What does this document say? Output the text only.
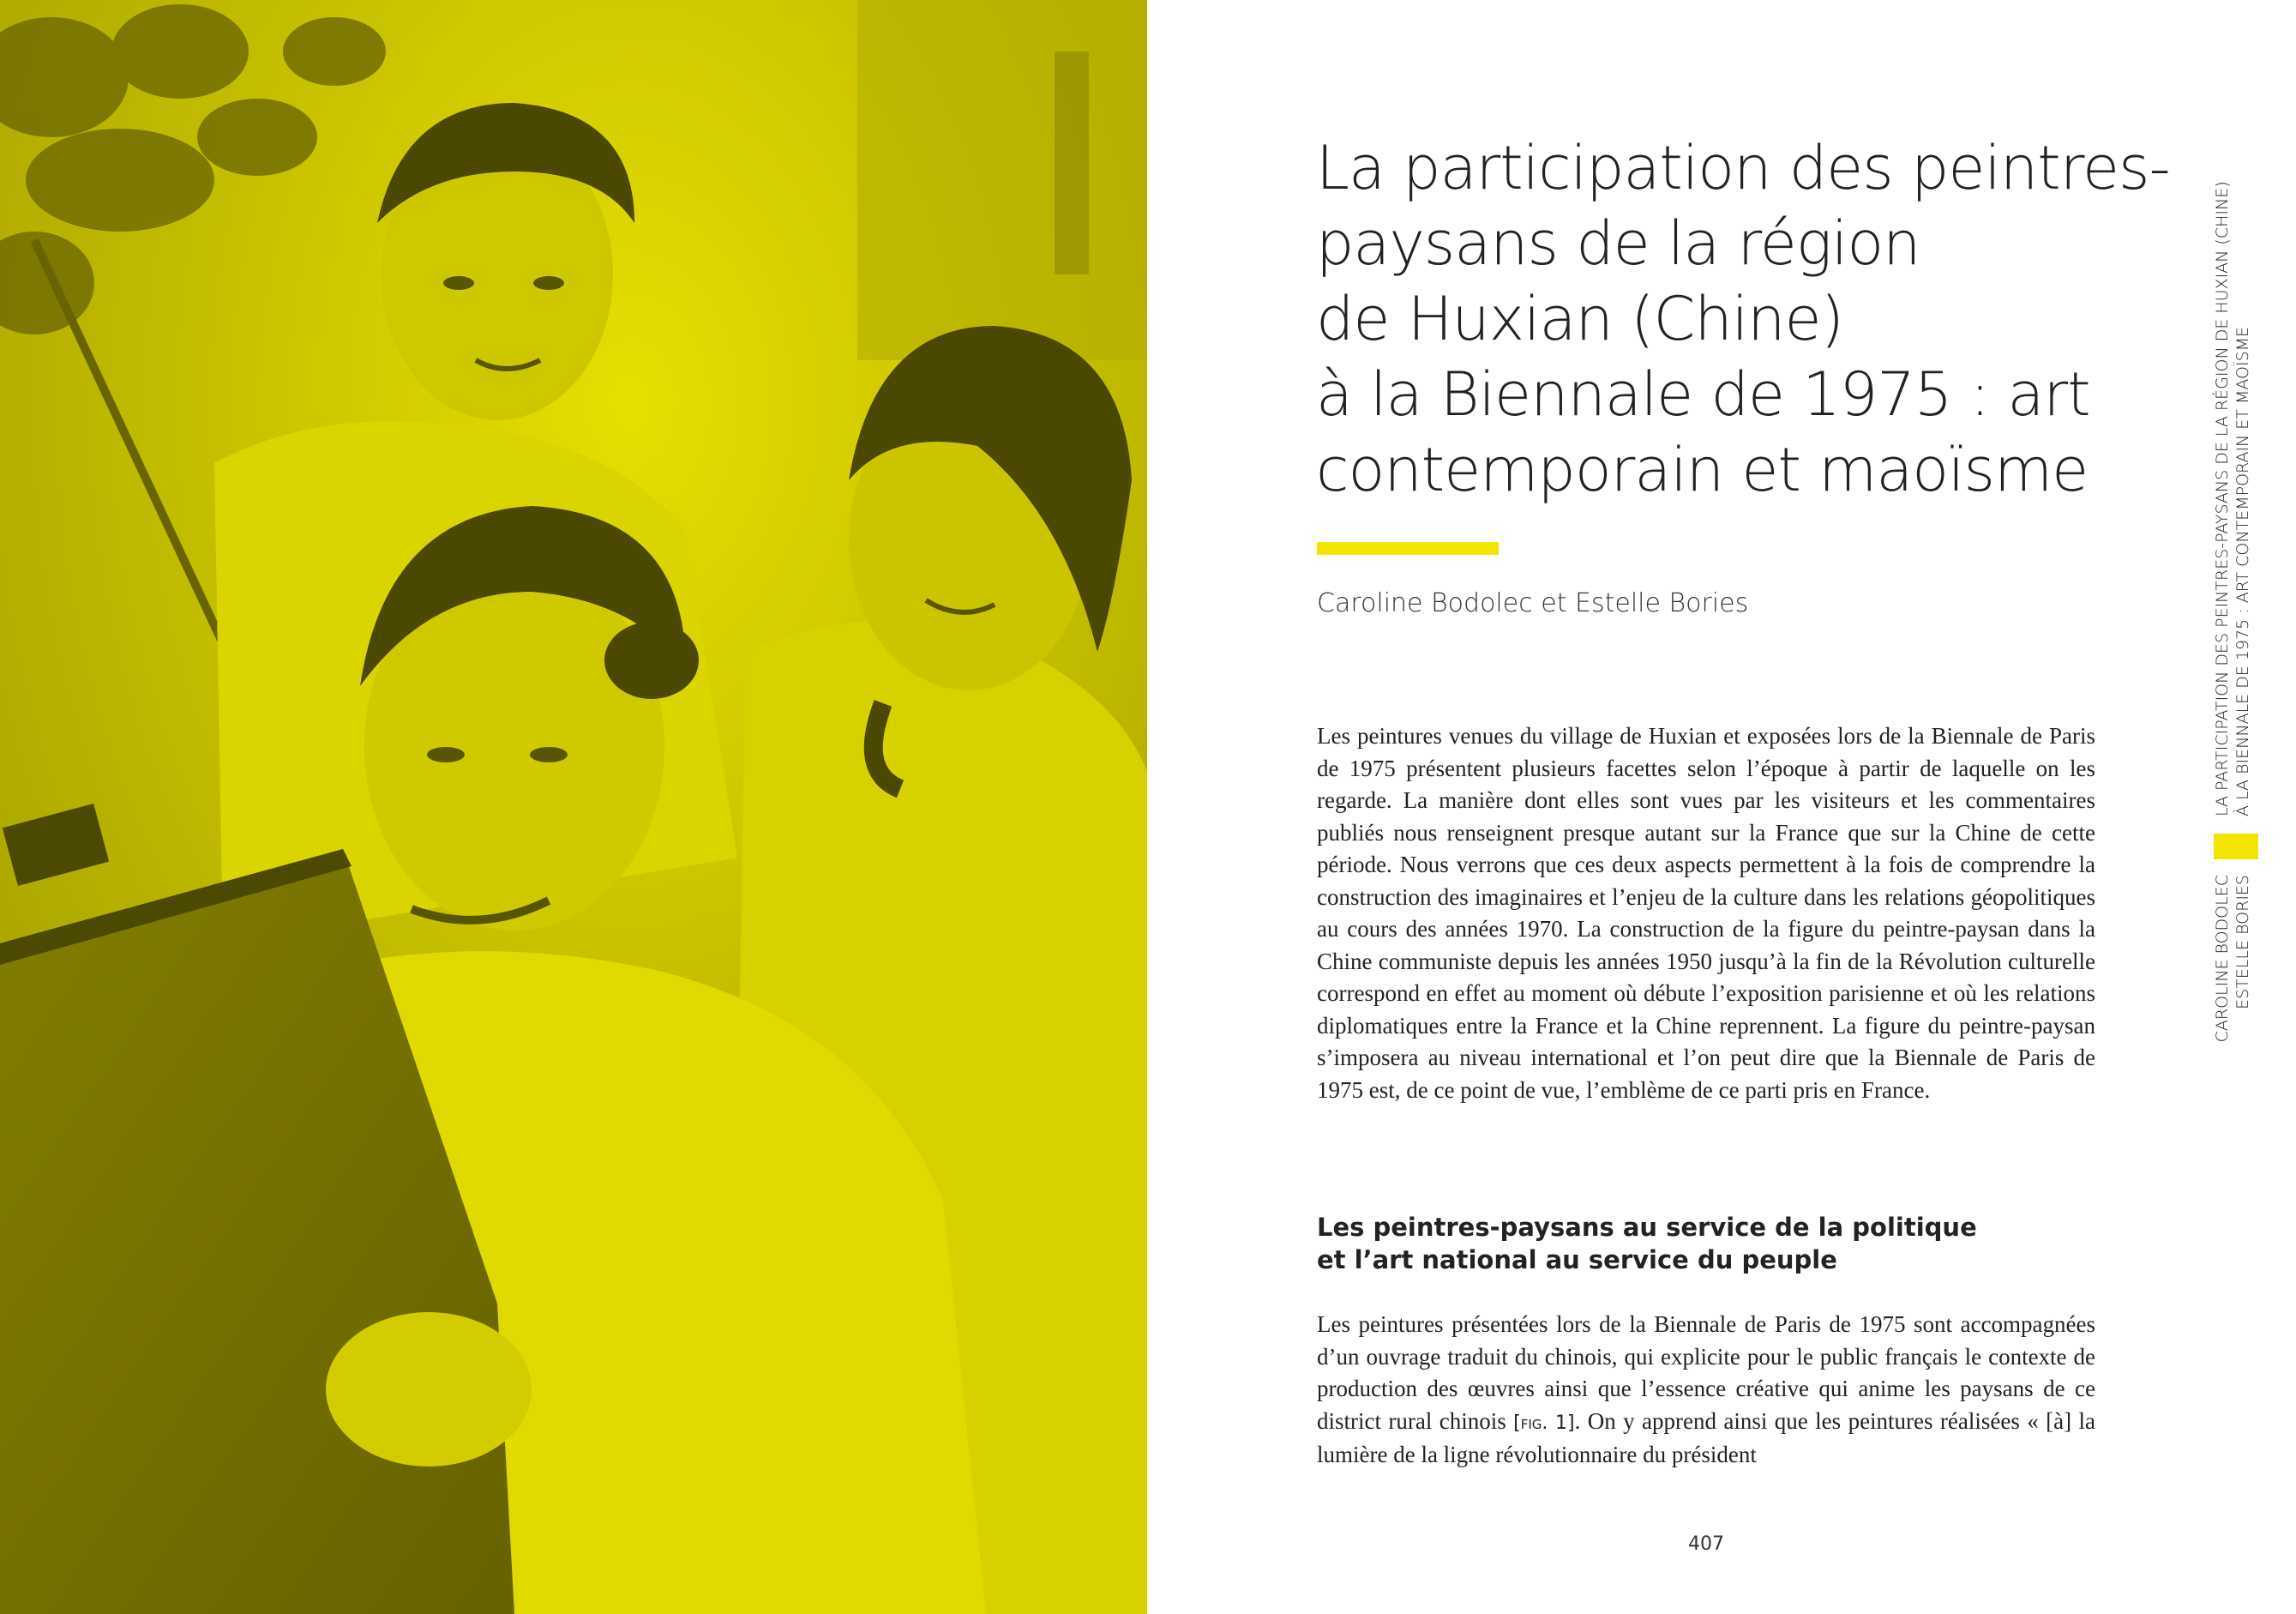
La participation des peintres-
paysans de la région
de Huxian (Chine)
à la Biennale de 1975 : art
contemporain et maoïsme

Caroline Bodolec et Estelle Bories

Les peintures venues du village de Huxian et exposées lors de la Biennale de Paris de 1975 présentent plusieurs facettes selon l’époque à partir de laquelle on les regarde. La manière dont elles sont vues par les visiteurs et les commentaires publiés nous renseignent presque autant sur la France que sur la Chine de cette période. Nous verrons que ces deux aspects permettent à la fois de comprendre la construction des imaginaires et l’enjeu de la culture dans les relations géopolitiques au cours des années 1970. La construction de la figure du peintre-paysan dans la Chine communiste depuis les années 1950 jusqu’à la fin de la Révolution culturelle correspond en effet au moment où débute l’exposition parisienne et où les relations diplomatiques entre la France et la Chine reprennent. La figure du peintre-paysan s’imposera au niveau international et l’on peut dire que la Biennale de Paris de 1975 est, de ce point de vue, l’emblème de ce parti pris en France.

Les peintres-paysans au service de la politique
et l’art national au service du peuple

Les peintures présentées lors de la Biennale de Paris de 1975 sont accompagnées d’un ouvrage traduit du chinois, qui explicite pour le public français le contexte de production des œuvres ainsi que l’essence créative qui anime les paysans de ce district rural chinois [fig. 1]. On y apprend ainsi que les peintures réalisées « [à] la lumière de la ligne révolutionnaire du président

407
CAROLINE BODOLEC ESTELLE BORIES
LA PARTICIPATION DES PEINTRES-PAYSANS DE LA RÉGION DE HUXIAN (CHINE) À LA BIENNALE DE 1975 : ART CONTEMPORAIN ET MAOÏSME
